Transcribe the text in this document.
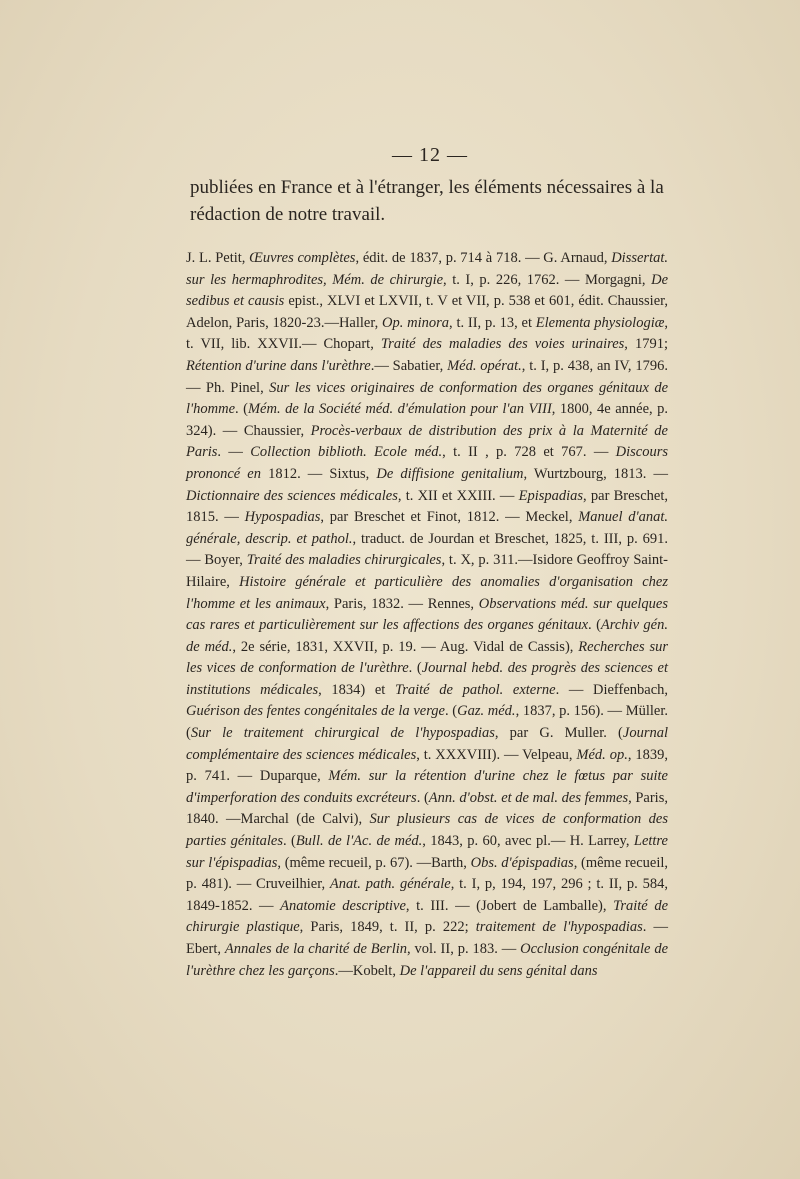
— 12 —

publiées en France et à l'étranger, les éléments nécessaires à la rédaction de notre travail.

J. L. Petit, Œuvres complètes, édit. de 1837, p. 714 à 718. — G. Arnaud, Dissertat. sur les hermaphrodites, Mém. de chirurgie, t. I, p. 226, 1762. — Morgagni, De sedibus et causis epist., XLVI et LXVII, t. V et VII, p. 538 et 601, édit. Chaussier, Adelon, Paris, 1820-23.—Haller, Op. minora, t. II, p. 13, et Elementa physiologiæ, t. VII, lib. XXVII.— Chopart, Traité des maladies des voies urinaires, 1791; Rétention d'urine dans l'urèthre.— Sabatier, Méd. opérat., t. I, p. 438, an IV, 1796.— Ph. Pinel, Sur les vices originaires de conformation des organes génitaux de l'homme. (Mém. de la Société méd. d'émulation pour l'an VIII, 1800, 4e année, p. 324). — Chaussier, Procès-verbaux de distribution des prix à la Maternité de Paris. — Collection biblioth. Ecole méd., t. II , p. 728 et 767. — Discours prononcé en 1812. — Sixtus, De diffisione genitalium, Wurtzbourg, 1813. — Dictionnaire des sciences médicales, t. XII et XXIII. — Epispadias, par Breschet, 1815. — Hypospadias, par Breschet et Finot, 1812. — Meckel, Manuel d'anat. générale, descrip. et pathol., traduct. de Jourdan et Breschet, 1825, t. III, p. 691. — Boyer, Traité des maladies chirurgicales, t. X, p. 311.—Isidore Geoffroy Saint-Hilaire, Histoire générale et particulière des anomalies d'organisation chez l'homme et les animaux, Paris, 1832. — Rennes, Observations méd. sur quelques cas rares et particulièrement sur les affections des organes génitaux. (Archiv gén. de méd., 2e série, 1831, XXVII, p. 19. — Aug. Vidal de Cassis), Recherches sur les vices de conformation de l'urèthre. (Journal hebd. des progrès des sciences et institutions médicales, 1834) et Traité de pathol. externe. — Dieffenbach, Guérison des fentes congénitales de la verge. (Gaz. méd., 1837, p. 156). — Müller. (Sur le traitement chirurgical de l'hypospadias, par G. Muller. (Journal complémentaire des sciences médicales, t. XXXVIII). — Velpeau, Méd. op., 1839, p. 741. — Duparque, Mém. sur la rétention d'urine chez le fœtus par suite d'imperforation des conduits excréteurs. (Ann. d'obst. et de mal. des femmes, Paris, 1840. —Marchal (de Calvi), Sur plusieurs cas de vices de conformation des parties génitales. (Bull. de l'Ac. de méd., 1843, p. 60, avec pl.— H. Larrey, Lettre sur l'épispadias, (même recueil, p. 67). —Barth, Obs. d'épispadias, (même recueil, p. 481). — Cruveilhier, Anat. path. générale, t. I, p, 194, 197, 296 ; t. II, p. 584, 1849-1852. — Anatomie descriptive, t. III. — (Jobert de Lamballe), Traité de chirurgie plastique, Paris, 1849, t. II, p. 222; traitement de l'hypospadias. — Ebert, Annales de la charité de Berlin, vol. II, p. 183. — Occlusion congénitale de l'urèthre chez les garçons.—Kobelt, De l'appareil du sens génital dans
